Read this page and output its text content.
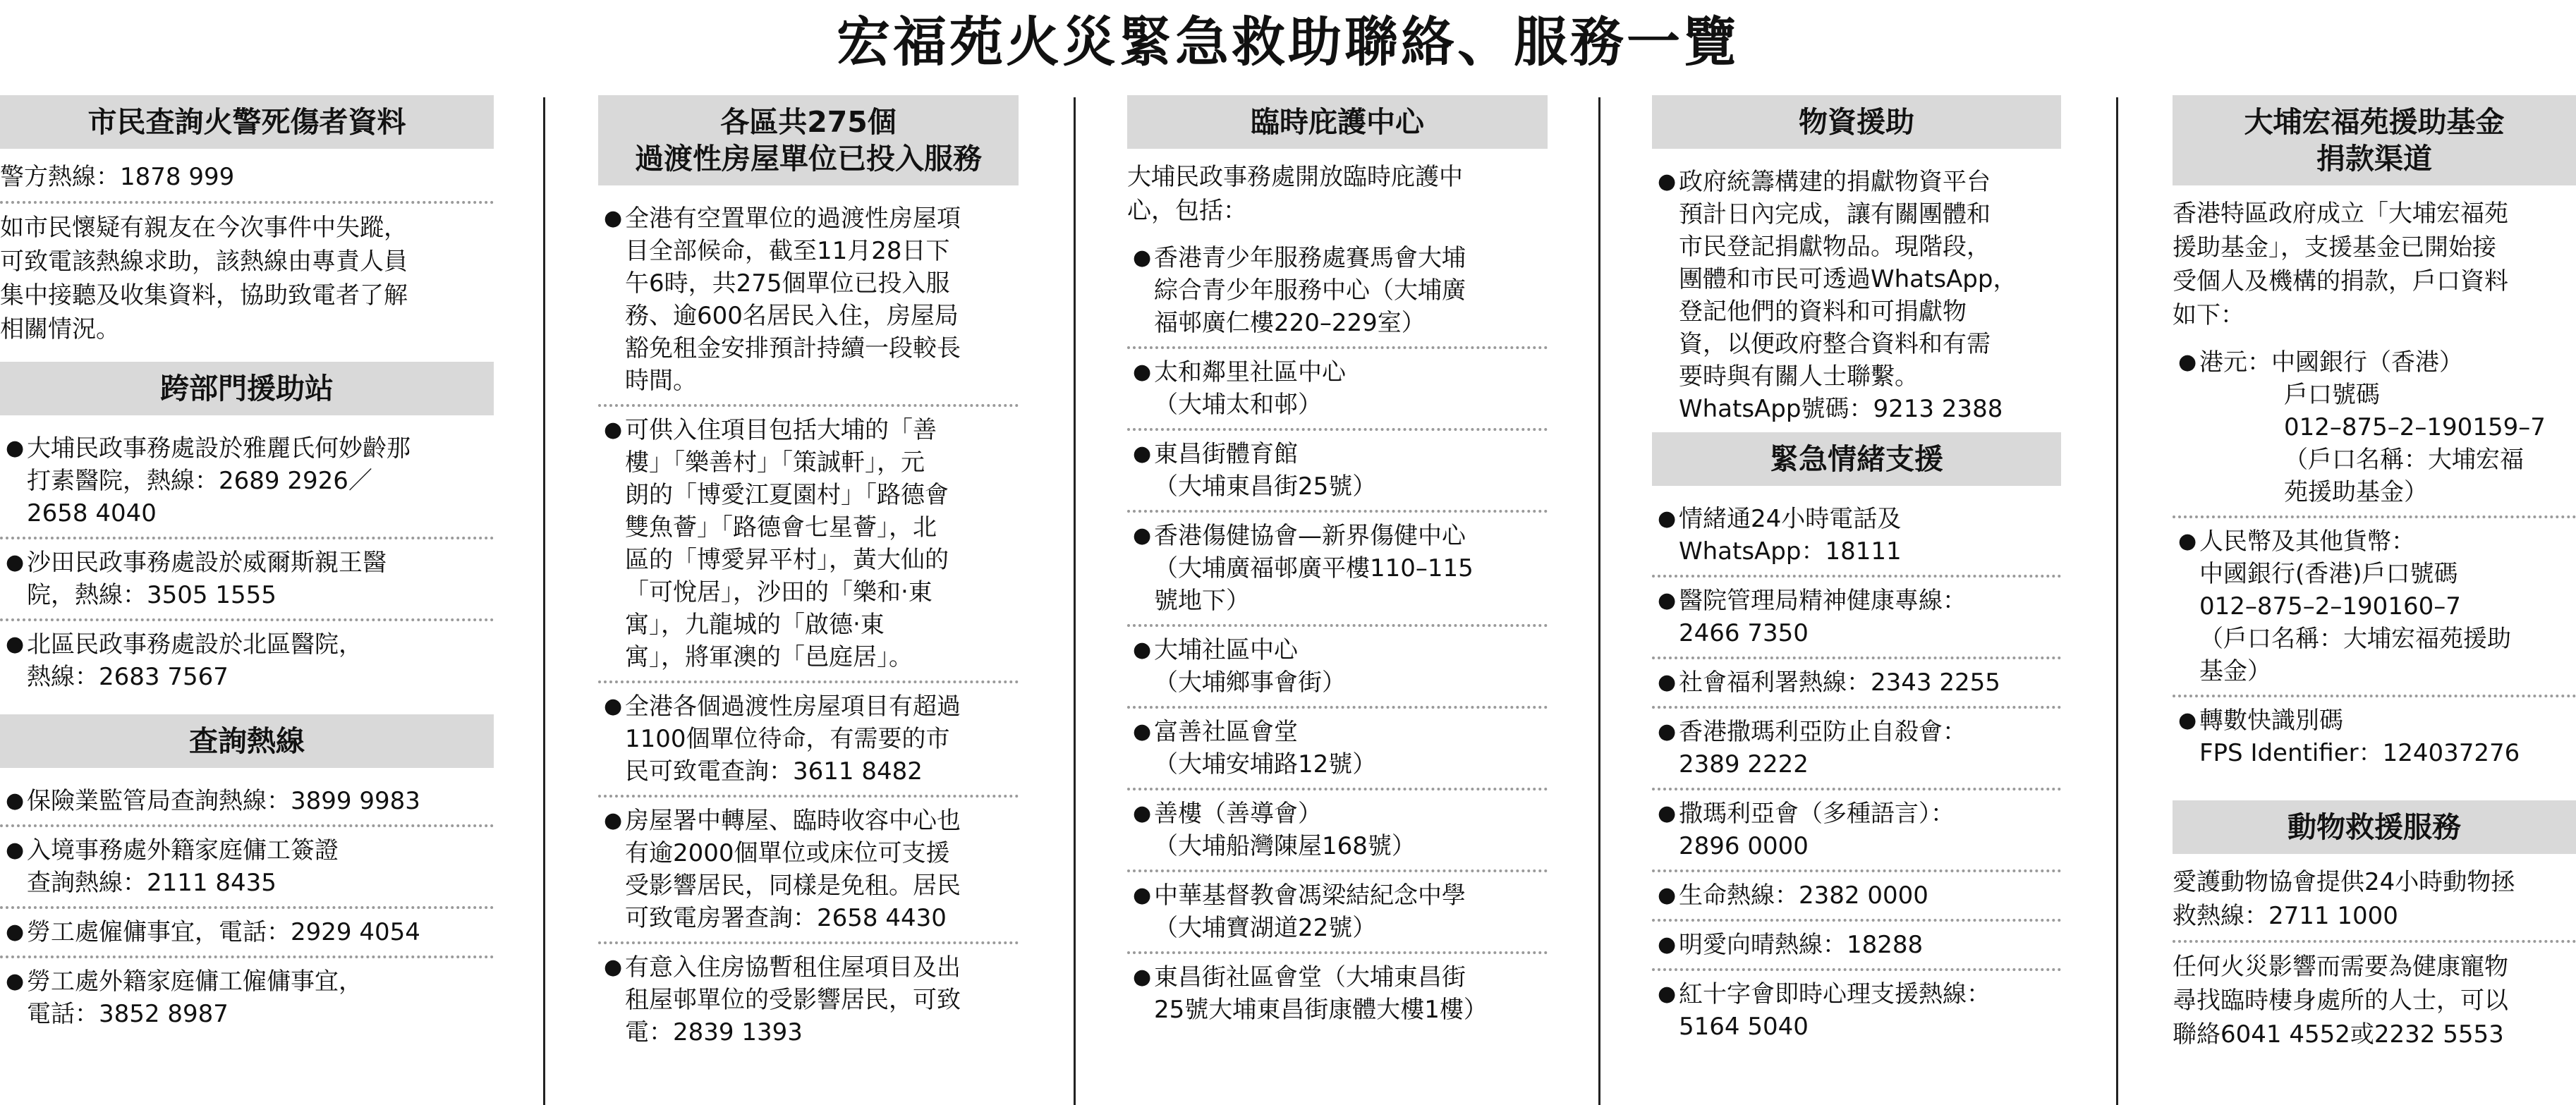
宏福苑火災緊急救助聯絡、服務一覽
市民查詢火警死傷者資料
警方熱線：1878 999
如市民懷疑有親友在今次事件中失蹤，
可致電該熱線求助，該熱線由專責人員
集中接聽及收集資料，協助致電者了解
相關情況。
跨部門援助站
● 大埔民政事務處設於雅麗氏何妙齡那
打素醫院，熱線：2689 2926／
2658 4040
● 沙田民政事務處設於威爾斯親王醫
院，熱線：3505 1555
● 北區民政事務處設於北區醫院，
熱線：2683 7567
查詢熱線
● 保險業監管局查詢熱線：3899 9983
● 入境事務處外籍家庭傭工簽證
查詢熱線：2111 8435
● 勞工處僱傭事宜，電話：2929 4054
● 勞工處外籍家庭傭工僱傭事宜，
電話：3852 8987
各區共275個
過渡性房屋單位已投入服務
● 全港有空置單位的過渡性房屋項
目全部候命，截至11月28日下
午6時，共275個單位已投入服
務、逾600名居民入住，房屋局
豁免租金安排預計持續一段較長
時間。
● 可供入住項目包括大埔的「善
樓」「樂善村」「策誠軒」，元
朗的「博愛江夏園村」「路德會
雙魚薈」「路德會七星薈」，北
區的「博愛昇平村」，黃大仙的
「可悅居」，沙田的「樂和‧東
寓」，九龍城的「啟德‧東
寓」，將軍澳的「邑庭居」。
● 全港各個過渡性房屋項目有超過
1100個單位待命，有需要的市
民可致電查詢：3611 8482
● 房屋署中轉屋、臨時收容中心也
有逾2000個單位或床位可支援
受影響居民，同樣是免租。居民
可致電房署查詢：2658 4430
● 有意入住房協暫租住屋項目及出
租屋邨單位的受影響居民，可致
電：2839 1393
臨時庇護中心
大埔民政事務處開放臨時庇護中
心，包括：
● 香港青少年服務處賽馬會大埔
綜合青少年服務中心（大埔廣
福邨廣仁樓220–229室）
● 太和鄰里社區中心
（大埔太和邨）
● 東昌街體育館
（大埔東昌街25號）
● 香港傷健協會—新界傷健中心
（大埔廣福邨廣平樓110–115
號地下）
● 大埔社區中心
（大埔鄉事會街）
● 富善社區會堂
（大埔安埔路12號）
● 善樓（善導會）
（大埔船灣陳屋168號）
● 中華基督教會馮梁結紀念中學
（大埔寶湖道22號）
● 東昌街社區會堂（大埔東昌街
25號大埔東昌街康體大樓1樓）
物資援助
● 政府統籌構建的捐獻物資平台
預計日內完成，讓有關團體和
市民登記捐獻物品。現階段，
團體和市民可透過WhatsApp，
登記他們的資料和可捐獻物
資，以便政府整合資料和有需
要時與有關人士聯繫。
WhatsApp號碼：9213 2388
緊急情緒支援
● 情緒通24小時電話及
WhatsApp：18111
● 醫院管理局精神健康專線：
2466 7350
● 社會福利署熱線：2343 2255
● 香港撒瑪利亞防止自殺會：
2389 2222
● 撒瑪利亞會（多種語言）：
2896 0000
● 生命熱線：2382 0000
● 明愛向晴熱線：18288
● 紅十字會即時心理支援熱線：
5164 5040
大埔宏福苑援助基金
捐款渠道
香港特區政府成立「大埔宏福苑
援助基金」，支援基金已開始接
受個人及機構的捐款，戶口資料
如下：
● 港元：中國銀行（香港）
戶口號碼
012–875–2–190159–7
（戶口名稱：大埔宏福
苑援助基金）
● 人民幣及其他貨幣：
中國銀行(香港)戶口號碼
012–875–2–190160–7
（戶口名稱：大埔宏福苑援助
基金）
● 轉數快識別碼
FPS Identifier：124037276
動物救援服務
愛護動物協會提供24小時動物拯
救熱線：2711 1000
任何火災影響而需要為健康寵物
尋找臨時棲身處所的人士，可以
聯絡6041 4552或2232 5553
